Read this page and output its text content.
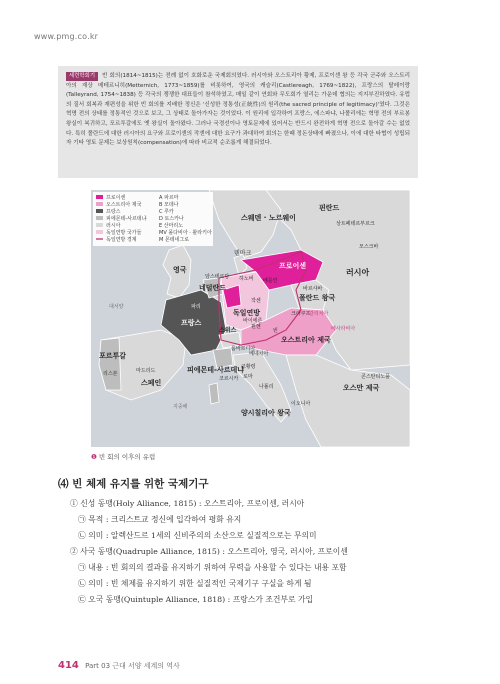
www.pmg.co.kr
세련학회기 빈 회의(1814~1815)는 전례 없이 호화로운 국제회의였다. 러시아와 오스트리아 황제, 프로이센 왕 등 각국 군주와 오스트리아의 재상 메테르니히(Metternich, 1773~1859)를 비롯하여, 영국의 캐슬리(Castlereagh, 1769~1822), 프랑스의 탈레이랑(Talleyrand, 1754~1838) 등 각국의 쟁쟁한 대표들이 참석하였고, 매일 같이 연회와 무도회가 열리는 가운데 협의는 지지부진하였다. 유럽의 질서 회복과 재편성을 위한 빈 회의를 지배한 정신은 '신성한 정통성(正統性)의 원리(the sacred principle of legitimacy)'였다. 그것은 혁명 전의 상태를 정통적인 것으로 보고, 그 상태로 돌아가자는 것이었다. 이 원리에 입각하여 프랑스, 에스파냐, 나폴리에는 혁명 전의 부르봉 왕실이 복귀하고, 포르투갈에도 옛 왕실이 돌아왔다. 그러나 국경선이나 영토문제에 있어서는 반드시 완전하게 혁명 전으로 돌아갈 수는 없었다. 특히 폴란드에 대한 러시아의 요구와 프로이센의 작센에 대한 요구가 과대하여 회의는 한때 정돈상태에 빠졌으나, 이에 대한 타협이 성립되자 기타 영토 문제는 보상원칙(compensation)에 따라 비교적 순조롭게 해결되었다.
프로이센
오스트리아 제국
프랑스
피에몬테-사르데냐
러시아
독일연방 국가들
독일연방 경계
A 파르마
B 모데나
C 루카
D 토스카나
E 산마리노
MV 몰다비아 · 왈라키아
M 몬테네그로
스웨덴 · 노르웨이
핀란드
상트페테르부르크
모스크바
러시아
덴마크
영국	프로이센
네덜란드
폴란드 왕국
바르샤바
베를린
암스테르담 하노버
독일연방
빈
작센
갈리치아
베사라비아
크라쿠프
프랑스
파리
스위스
오스트리아 제국
대서양
포르투갈
리스본
스페인
마드리드	피에몬테-사르데냐
지중해
양시칠리아 왕국
교황령
나폴리
로마
오스만 제국
콘스탄티노플
코르시카
롬바르디아
베네치아
뮌헨
바이에른
이오니아
❶ 빈 회의 이후의 유럽
⑷ 빈 체제 유지를 위한 국제기구
① 신성 동맹(Holy Alliance, 1815) : 오스트리아, 프로이센, 러시아
㉠ 목적 : 크리스트교 정신에 입각하여 평화 유지
㉡ 의미 : 알렉산드르 1세의 신비주의의 소산으로 실질적으로는 무의미
② 사국 동맹(Quadruple Alliance, 1815) : 오스트리아, 영국, 러시아, 프로이센
㉠ 내용 : 빈 회의의 결과를 유지하기 위하여 무력을 사용할 수 있다는 내용 포함
㉡ 의미 : 빈 체제를 유지하기 위한 실질적인 국제기구 구실을 하게 됨
㉢ 오국 동맹(Quintuple Alliance, 1818) : 프랑스가 조건부로 가입
414 Part 03 근대 서양 세계의 역사
